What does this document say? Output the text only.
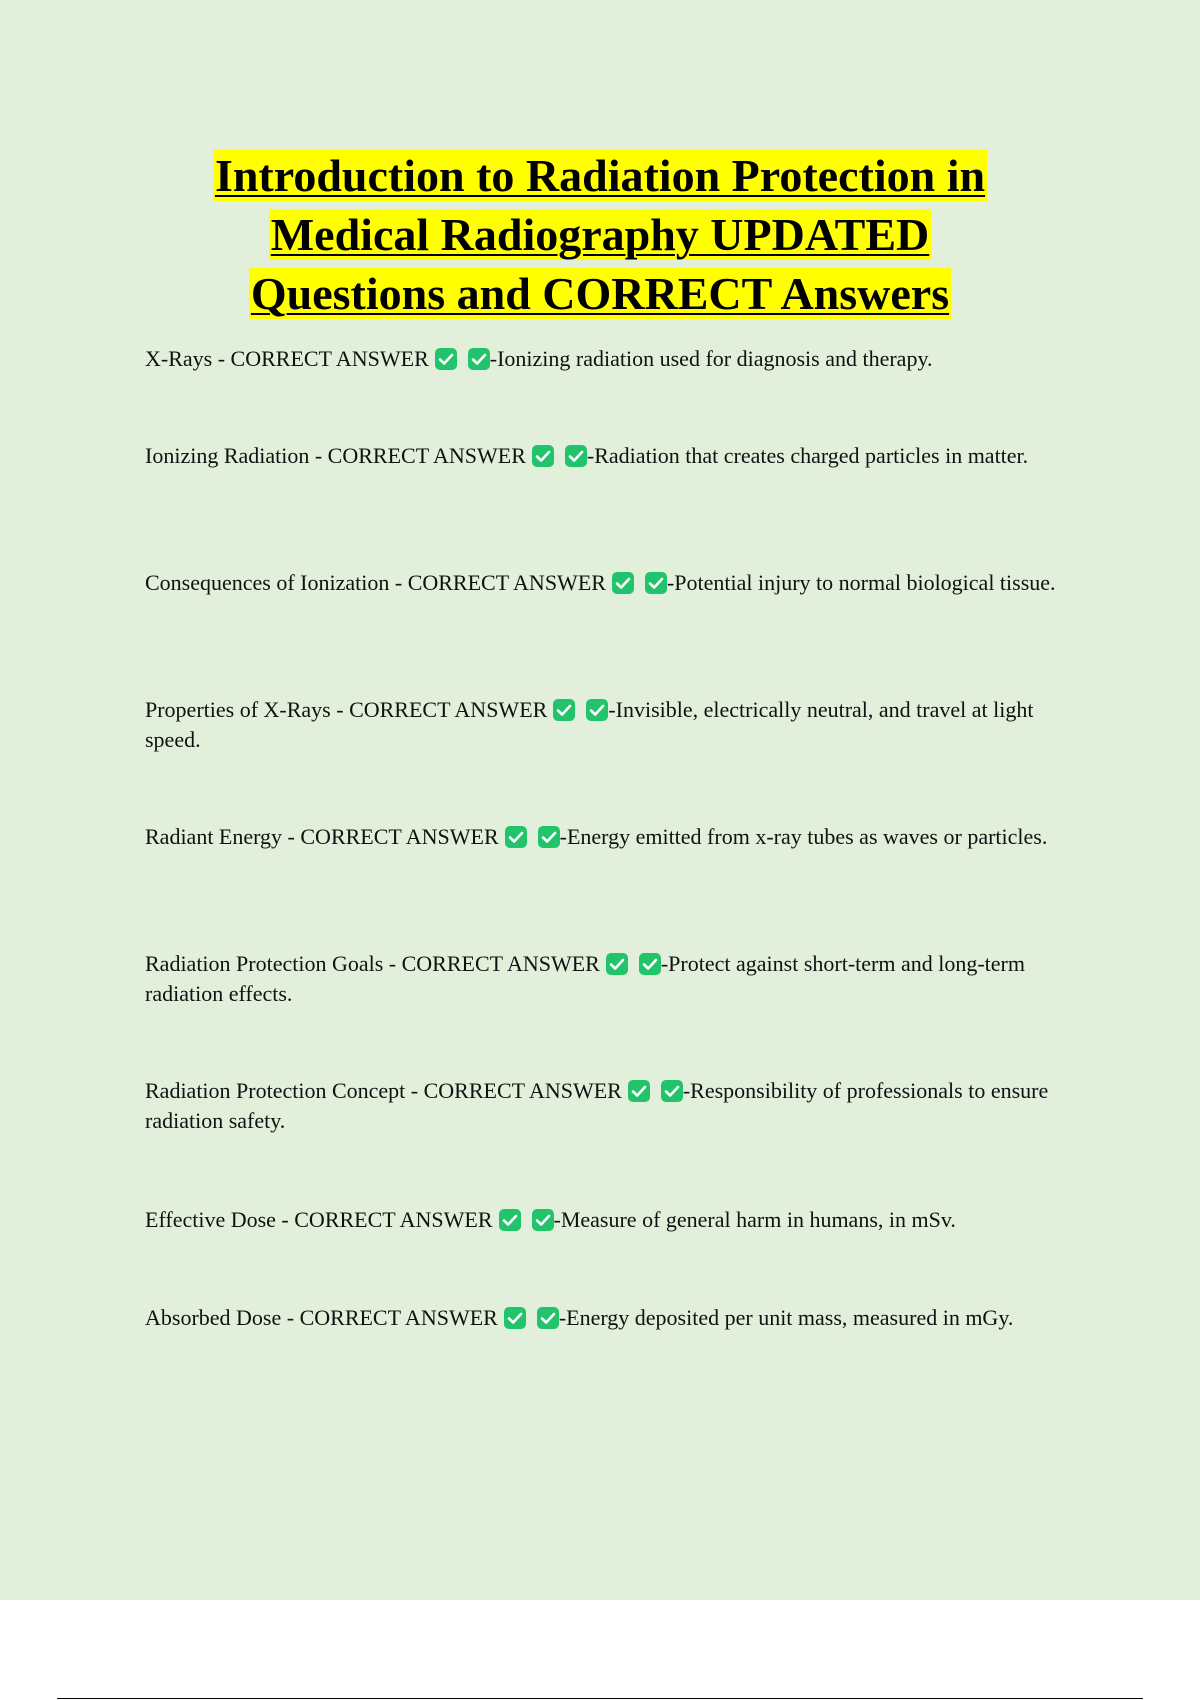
Introduction to Radiation Protection in
Medical Radiography UPDATED
Questions and CORRECT Answers

X-Rays - CORRECT ANSWER	-Ionizing radiation used for diagnosis and therapy.

Ionizing Radiation - CORRECT ANSWER	-Radiation that creates charged particles in matter.

Consequences of Ionization - CORRECT ANSWER	-Potential injury to normal biological tissue.

Properties of X-Rays - CORRECT ANSWER	-Invisible, electrically neutral, and travel at light speed.

Radiant Energy - CORRECT ANSWER	-Energy emitted from x-ray tubes as waves or particles.

Radiation Protection Goals - CORRECT ANSWER	-Protect against short-term and long-term radiation effects.

Radiation Protection Concept - CORRECT ANSWER	-Responsibility of professionals to ensure radiation safety.

Effective Dose - CORRECT ANSWER	-Measure of general harm in humans, in mSv.

Absorbed Dose - CORRECT ANSWER	-Energy deposited per unit mass, measured in mGy.
